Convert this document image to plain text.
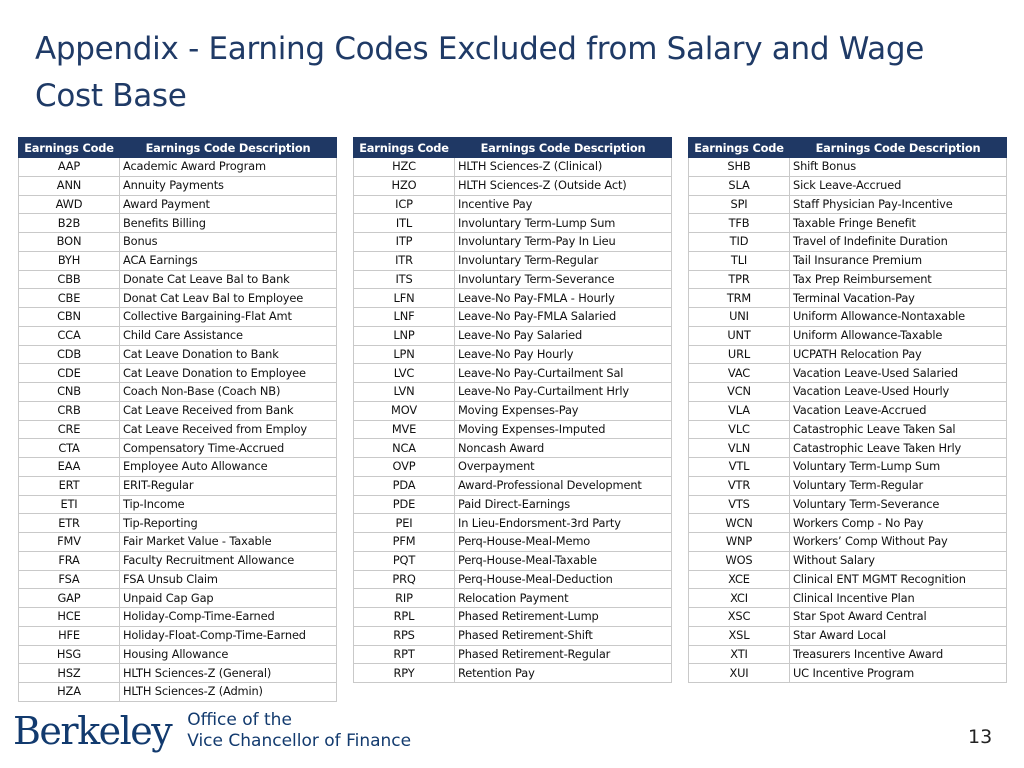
Appendix - Earning Codes Excluded from Salary and Wage Cost Base
Earnings Code	Earnings Code Description
AAP	Academic Award Program
ANN	Annuity Payments
AWD	Award Payment
B2B	Benefits Billing
BON	Bonus
BYH	ACA Earnings
CBB	Donate Cat Leave Bal to Bank
CBE	Donat Cat Leav Bal to Employee
CBN	Collective Bargaining-Flat Amt
CCA	Child Care Assistance
CDB	Cat Leave Donation to Bank
CDE	Cat Leave Donation to Employee
CNB	Coach Non-Base (Coach NB)
CRB	Cat Leave Received from Bank
CRE	Cat Leave Received from Employ
CTA	Compensatory Time-Accrued
EAA	Employee Auto Allowance
ERT	ERIT-Regular
ETI	Tip-Income
ETR	Tip-Reporting
FMV	Fair Market Value - Taxable
FRA	Faculty Recruitment Allowance
FSA	FSA Unsub Claim
GAP	Unpaid Cap Gap
HCE	Holiday-Comp-Time-Earned
HFE	Holiday-Float-Comp-Time-Earned
HSG	Housing Allowance
HSZ	HLTH Sciences-Z (General)
HZA	HLTH Sciences-Z (Admin)
Earnings Code	Earnings Code Description
HZC	HLTH Sciences-Z (Clinical)
HZO	HLTH Sciences-Z (Outside Act)
ICP	Incentive Pay
ITL	Involuntary Term-Lump Sum
ITP	Involuntary Term-Pay In Lieu
ITR	Involuntary Term-Regular
ITS	Involuntary Term-Severance
LFN	Leave-No Pay-FMLA - Hourly
LNF	Leave-No Pay-FMLA Salaried
LNP	Leave-No Pay Salaried
LPN	Leave-No Pay Hourly
LVC	Leave-No Pay-Curtailment Sal
LVN	Leave-No Pay-Curtailment Hrly
MOV	Moving Expenses-Pay
MVE	Moving Expenses-Imputed
NCA	Noncash Award
OVP	Overpayment
PDA	Award-Professional Development
PDE	Paid Direct-Earnings
PEI	In Lieu-Endorsment-3rd Party
PFM	Perq-House-Meal-Memo
PQT	Perq-House-Meal-Taxable
PRQ	Perq-House-Meal-Deduction
RIP	Relocation Payment
RPL	Phased Retirement-Lump
RPS	Phased Retirement-Shift
RPT	Phased Retirement-Regular
RPY	Retention Pay
Earnings Code	Earnings Code Description
SHB	Shift Bonus
SLA	Sick Leave-Accrued
SPI	Staff Physician Pay-Incentive
TFB	Taxable Fringe Benefit
TID	Travel of Indefinite Duration
TLI	Tail Insurance Premium
TPR	Tax Prep Reimbursement
TRM	Terminal Vacation-Pay
UNI	Uniform Allowance-Nontaxable
UNT	Uniform Allowance-Taxable
URL	UCPATH Relocation Pay
VAC	Vacation Leave-Used Salaried
VCN	Vacation Leave-Used Hourly
VLA	Vacation Leave-Accrued
VLC	Catastrophic Leave Taken Sal
VLN	Catastrophic Leave Taken Hrly
VTL	Voluntary Term-Lump Sum
VTR	Voluntary Term-Regular
VTS	Voluntary Term-Severance
WCN	Workers Comp - No Pay
WNP	Workers’ Comp Without Pay
WOS	Without Salary
XCE	Clinical ENT MGMT Recognition
XCI	Clinical Incentive Plan
XSC	Star Spot Award Central
XSL	Star Award Local
XTI	Treasurers Incentive Award
XUI	UC Incentive Program
Berkeley Office of the
Vice Chancellor of Finance	13
